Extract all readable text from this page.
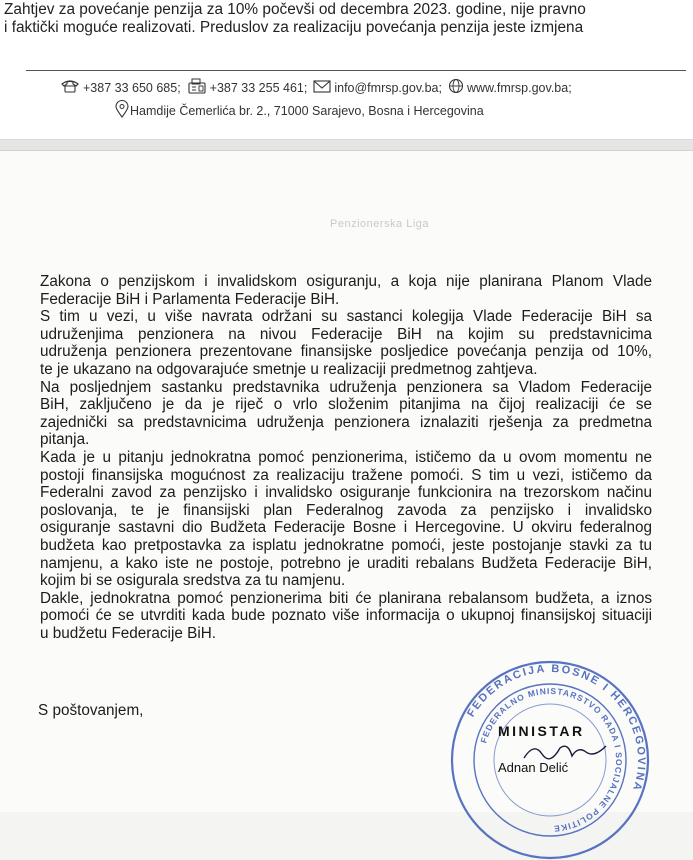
Zahtjev za povećanje penzija za 10% počevši od decembra 2023. godine, nije pravno
i faktički moguće realizovati. Preduslov za realizaciju povećanja penzija jeste izmjena
+387 33 650 685; +387 33 255 461; info@fmrsp.gov.ba; www.fmrsp.gov.ba;
Hamdije Čemerlića br. 2., 71000 Sarajevo, Bosna i Hercegovina
Penzionerska Liga

Zakona o penzijskom i invalidskom osiguranju, a koja nije planirana Planom Vlade

Federacije BiH i Parlamenta Federacije BiH.

S tim u vezi, u više navrata održani su sastanci kolegija Vlade Federacije BiH sa

udruženjima penzionera na nivou Federacije BiH na kojim su predstavnicima

udruženja penzionera prezentovane finansijske posljedice povećanja penzija od 10%,

te je ukazano na odgovarajuće smetnje u realizaciji predmetnog zahtjeva.

Na posljednjem sastanku predstavnika udruženja penzionera sa Vladom Federacije

BiH, zaključeno je da je riječ o vrlo složenim pitanjima na čijoj realizaciji će se

zajednički sa predstavnicima udruženja penzionera iznalaziti rješenja za predmetna

pitanja.

Kada je u pitanju jednokratna pomoć penzionerima, ističemo da u ovom momentu ne

postoji finansijska mogućnost za realizaciju tražene pomoći. S tim u vezi, ističemo da

Federalni zavod za penzijsko i invalidsko osiguranje funkcionira na trezorskom načinu

poslovanja, te je finansijski plan Federalnog zavoda za penzijsko i invalidsko

osiguranje sastavni dio Budžeta Federacije Bosne i Hercegovine. U okviru federalnog

budžeta kao pretpostavka za isplatu jednokratne pomoći, jeste postojanje stavki za tu

namjenu, a kako iste ne postoje, potrebno je uraditi rebalans Budžeta Federacije BiH,

kojim bi se osigurala sredstva za tu namjenu.

Dakle, jednokratna pomoć penzionerima biti će planirana rebalansom budžeta, a iznos

pomoći će se utvrditi kada bude poznato više informacija o ukupnoj finansijskoj situaciji

u budžetu Federacije BiH.

S poštovanjem,	FEDERACIJA BOSNE I HERCEGOVINA
FEDERALNO MINISTARSTVO RADA I SOCIJALNE POLITIKE
MINISTAR
Adnan Delić
